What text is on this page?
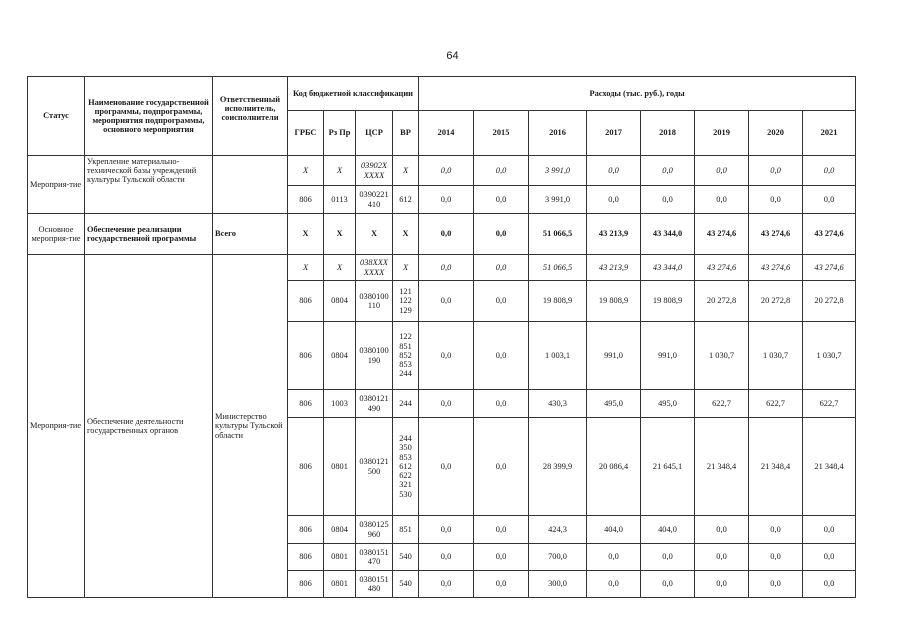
64
Статус	Наименование государственной программы, подпрограммы, мероприятия подпрограммы, основного мероприятия	Ответственный исполнитель, соисполнители	Код бюджетной классификации				Расходы (тыс. руб.), годы							
			ГРБС	Рз Пр	ЦСР	ВР	2014	2015	2016	2017	2018	2019	2020	2021
Мероприя-тие	Укрепление материально-технической базы учреждений культуры Тульской области		Х	Х	03902Х ХХХХ	Х	0,0	0,0	3 991,0	0,0	0,0	0,0	0,0	0,0
			806	0113	0390221 410	612	0,0	0,0	3 991,0	0,0	0,0	0,0	0,0	0,0
Основное мероприя-тие	Обеспечение реализации государственной программы	Всего	Х	Х	Х	Х	0,0	0,0	51 066,5	43 213,9	43 344,0	43 274,6	43 274,6	43 274,6
Мероприя-тие	Обеспечение деятельности государственных органов	Министерство культуры Тульской области	Х	Х	038ХХХ ХХХХ	Х	0,0	0,0	51 066,5	43 213,9	43 344,0	43 274,6	43 274,6	43 274,6
			806	0804	0380100 110	121 122 129	0,0	0,0	19 808,9	19 808,9	19 808,9	20 272,8	20 272,8	20 272,8
			806	0804	0380100 190	122 851 852 853 244	0,0	0,0	1 003,1	991,0	991,0	1 030,7	1 030,7	1 030,7
			806	1003	0380121 490	244	0,0	0,0	430,3	495,0	495,0	622,7	622,7	622,7
			806	0801	0380121 500	244 350 853 612 622 321 530	0,0	0,0	28 399,9	20 086,4	21 645,1	21 348,4	21 348,4	21 348,4
			806	0804	0380125 960	851	0,0	0,0	424,3	404,0	404,0	0,0	0,0	0,0
			806	0801	0380151 470	540	0,0	0,0	700,0	0,0	0,0	0,0	0,0	0,0
			806	0801	0380151 480	540	0,0	0,0	300,0	0,0	0,0	0,0	0,0	0,0
